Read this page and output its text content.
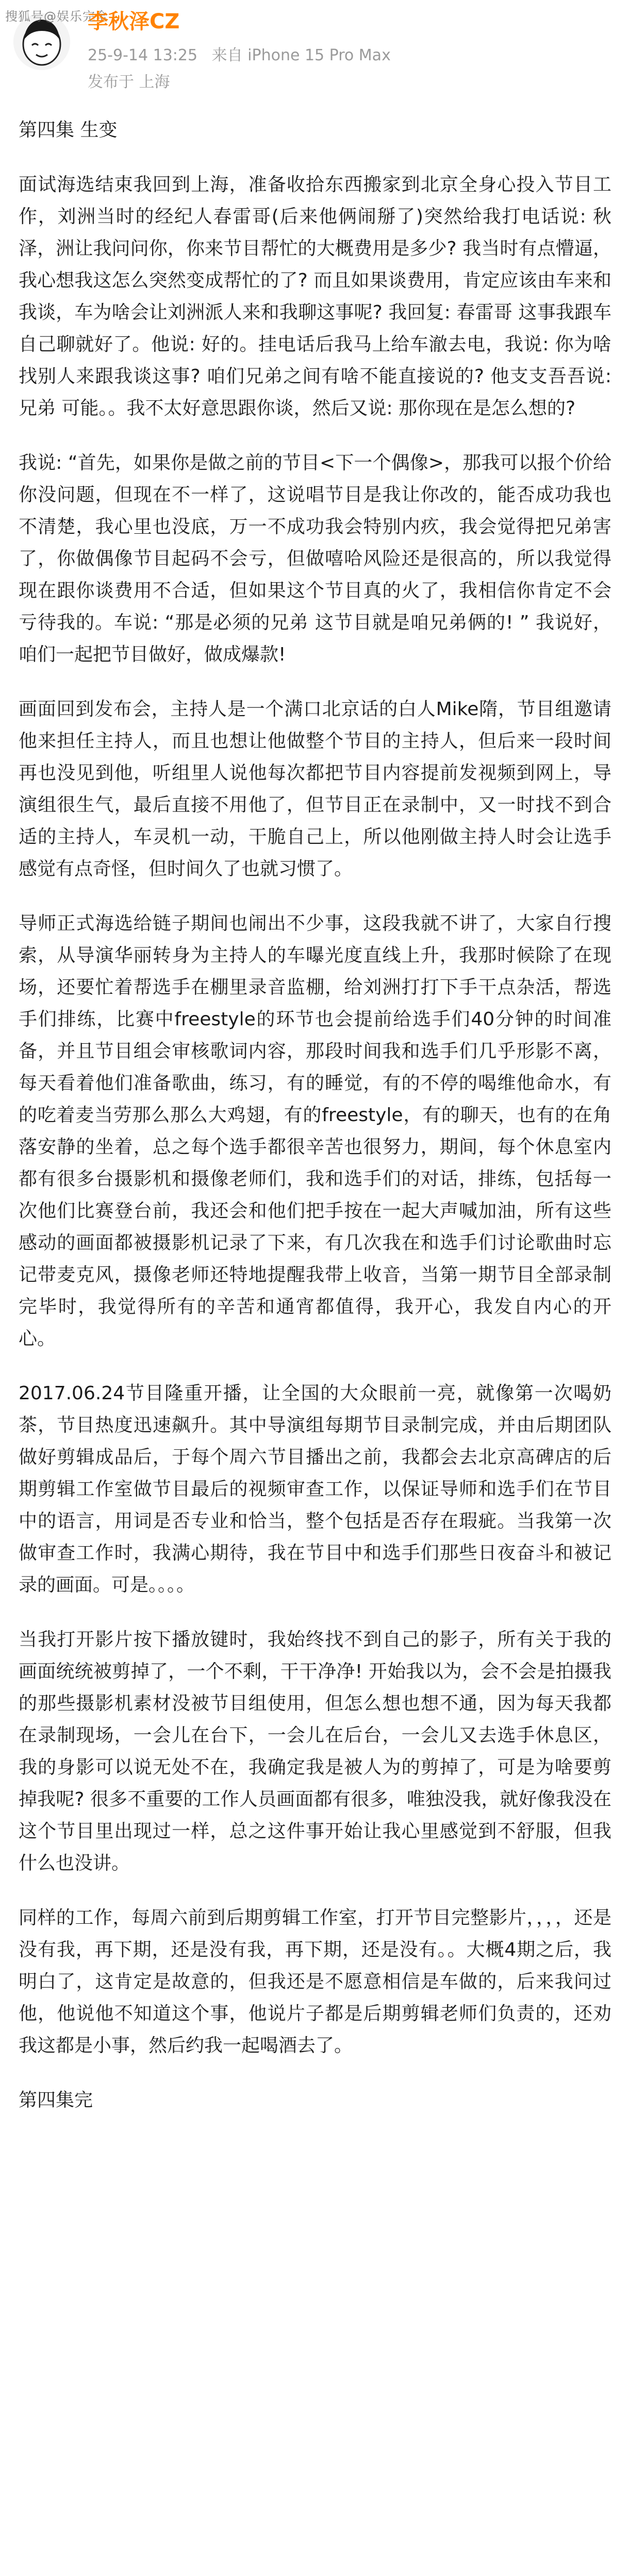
搜狐号@娱乐完全
李秋泽CZ
25-9-14 13:25 来自 iPhone 15 Pro Max
发布于 上海

第四集 生变

面试海选结束我回到上海，准备收拾东西搬家到北京全身心投入节目工作，刘洲当时的经纪人春雷哥(后来他俩闹掰了)突然给我打电话说: 秋泽，洲让我问问你，你来节目帮忙的大概费用是多少? 我当时有点懵逼，我心想我这怎么突然变成帮忙的了? 而且如果谈费用，肯定应该由车来和我谈，车为啥会让刘洲派人来和我聊这事呢? 我回复: 春雷哥 这事我跟车自己聊就好了。他说: 好的。挂电话后我马上给车澈去电，我说: 你为啥找别人来跟我谈这事? 咱们兄弟之间有啥不能直接说的? 他支支吾吾说: 兄弟 可能。。我不太好意思跟你谈，然后又说: 那你现在是怎么想的?

我说: “首先，如果你是做之前的节目<下一个偶像>，那我可以报个价给你没问题，但现在不一样了，这说唱节目是我让你改的，能否成功我也不清楚，我心里也没底，万一不成功我会特别内疚，我会觉得把兄弟害了，你做偶像节目起码不会亏，但做嘻哈风险还是很高的，所以我觉得现在跟你谈费用不合适，但如果这个节目真的火了，我相信你肯定不会亏待我的。车说: “那是必须的兄弟 这节目就是咱兄弟俩的! ” 我说好，咱们一起把节目做好，做成爆款!

画面回到发布会，主持人是一个满口北京话的白人Mike隋，节目组邀请他来担任主持人，而且也想让他做整个节目的主持人，但后来一段时间再也没见到他，听组里人说他每次都把节目内容提前发视频到网上，导演组很生气，最后直接不用他了，但节目正在录制中，又一时找不到合适的主持人，车灵机一动，干脆自己上，所以他刚做主持人时会让选手感觉有点奇怪，但时间久了也就习惯了。

导师正式海选给链子期间也闹出不少事，这段我就不讲了，大家自行搜索，从导演华丽转身为主持人的车曝光度直线上升，我那时候除了在现场，还要忙着帮选手在棚里录音监棚，给刘洲打打下手干点杂活，帮选手们排练，比赛中freestyle的环节也会提前给选手们40分钟的时间准备，并且节目组会审核歌词内容，那段时间我和选手们几乎形影不离，每天看着他们准备歌曲，练习，有的睡觉，有的不停的喝维他命水，有的吃着麦当劳那么那么大鸡翅，有的freestyle，有的聊天，也有的在角落安静的坐着，总之每个选手都很辛苦也很努力，期间，每个休息室内都有很多台摄影机和摄像老师们，我和选手们的对话，排练，包括每一次他们比赛登台前，我还会和他们把手按在一起大声喊加油，所有这些感动的画面都被摄影机记录了下来，有几次我在和选手们讨论歌曲时忘记带麦克风，摄像老师还特地提醒我带上收音，当第一期节目全部录制完毕时，我觉得所有的辛苦和通宵都值得，我开心，我发自内心的开心。

2017.06.24节目隆重开播，让全国的大众眼前一亮，就像第一次喝奶茶，节目热度迅速飙升。其中导演组每期节目录制完成，并由后期团队做好剪辑成品后，于每个周六节目播出之前，我都会去北京高碑店的后期剪辑工作室做节目最后的视频审查工作，以保证导师和选手们在节目中的语言，用词是否专业和恰当，整个包括是否存在瑕疵。当我第一次做审查工作时，我满心期待，我在节目中和选手们那些日夜奋斗和被记录的画面。可是。。。。

当我打开影片按下播放键时，我始终找不到自己的影子，所有关于我的画面统统被剪掉了，一个不剩，干干净净! 开始我以为，会不会是拍摄我的那些摄影机素材没被节目组使用，但怎么想也想不通，因为每天我都在录制现场，一会儿在台下，一会儿在后台，一会儿又去选手休息区，我的身影可以说无处不在，我确定我是被人为的剪掉了，可是为啥要剪掉我呢? 很多不重要的工作人员画面都有很多，唯独没我，就好像我没在这个节目里出现过一样，总之这件事开始让我心里感觉到不舒服，但我什么也没讲。

同样的工作，每周六前到后期剪辑工作室，打开节目完整影片，，，，还是没有我，再下期，还是没有我，再下期，还是没有。。大概4期之后，我明白了，这肯定是故意的，但我还是不愿意相信是车做的，后来我问过他，他说他不知道这个事，他说片子都是后期剪辑老师们负责的，还劝我这都是小事，然后约我一起喝酒去了。

第四集完
